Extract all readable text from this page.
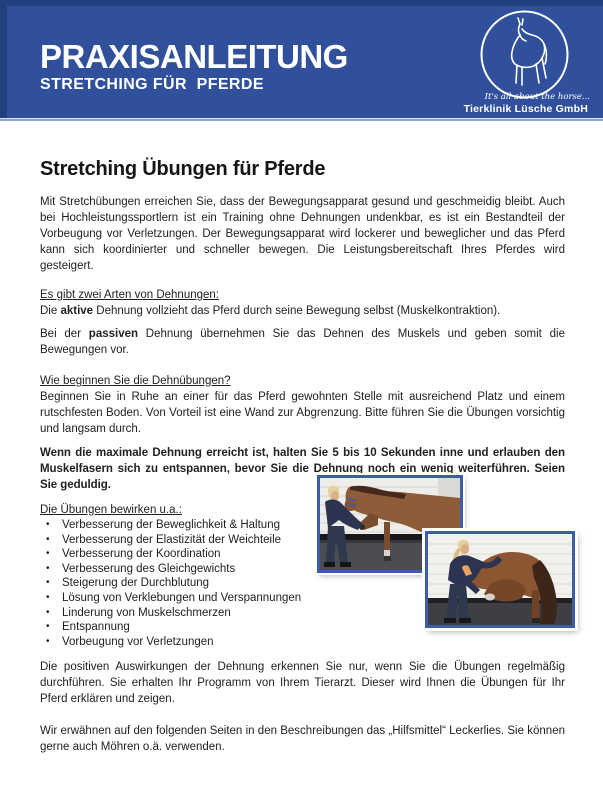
PRAXISANLEITUNG
STRETCHING FÜR  PFERDE
It's all about the horse...
Tierklinik Lüsche GmbH
Stretching Übungen für Pferde

Mit Stretchübungen erreichen Sie, dass der Bewegungsapparat gesund und geschmeidig bleibt. Auch bei Hochleistungssportlern ist ein Training ohne Dehnungen undenkbar, es ist ein Bestandteil der Vorbeugung vor Verletzungen. Der Bewegungsapparat wird lockerer und beweglicher und das Pferd kann sich koordinierter und schneller bewegen. Die Leistungsbereitschaft Ihres Pferdes wird gesteigert.

Es gibt zwei Arten von Dehnungen:

Die aktive Dehnung vollzieht das Pferd durch seine Bewegung selbst (Muskelkontraktion).

Bei der passiven Dehnung übernehmen Sie das Dehnen des Muskels und geben somit die Bewegungen vor.

Wie beginnen Sie die Dehnübungen?

Beginnen Sie in Ruhe an einer für das Pferd gewohnten Stelle mit ausreichend Platz und einem rutschfesten Boden. Von Vorteil ist eine Wand zur Abgrenzung. Bitte führen Sie die Übungen vorsichtig und langsam durch.

Wenn die maximale Dehnung erreicht ist, halten Sie 5 bis 10 Sekunden inne und erlauben den Muskelfasern sich zu entspannen, bevor Sie die Dehnung noch ein wenig weiterführen. Seien Sie geduldig.

Die Übungen bewirken u.a.:

• Verbesserung der Beweglichkeit & Haltung
• Verbesserung der Elastizität der Weichteile
• Verbesserung der Koordination
• Verbesserung des Gleichgewichts
• Steigerung der Durchblutung
• Lösung von Verklebungen und Verspannungen
• Linderung von Muskelschmerzen
• Entspannung
• Vorbeugung vor Verletzungen

Die positiven Auswirkungen der Dehnung erkennen Sie nur, wenn Sie die Übungen regelmäßig durchführen. Sie erhalten Ihr Programm von Ihrem Tierarzt. Dieser wird Ihnen die Übungen für Ihr Pferd erklären und zeigen.

Wir erwähnen auf den folgenden Seiten in den Beschreibungen das „Hilfsmittel“ Leckerlies. Sie können gerne auch Möhren o.ä. verwenden.
